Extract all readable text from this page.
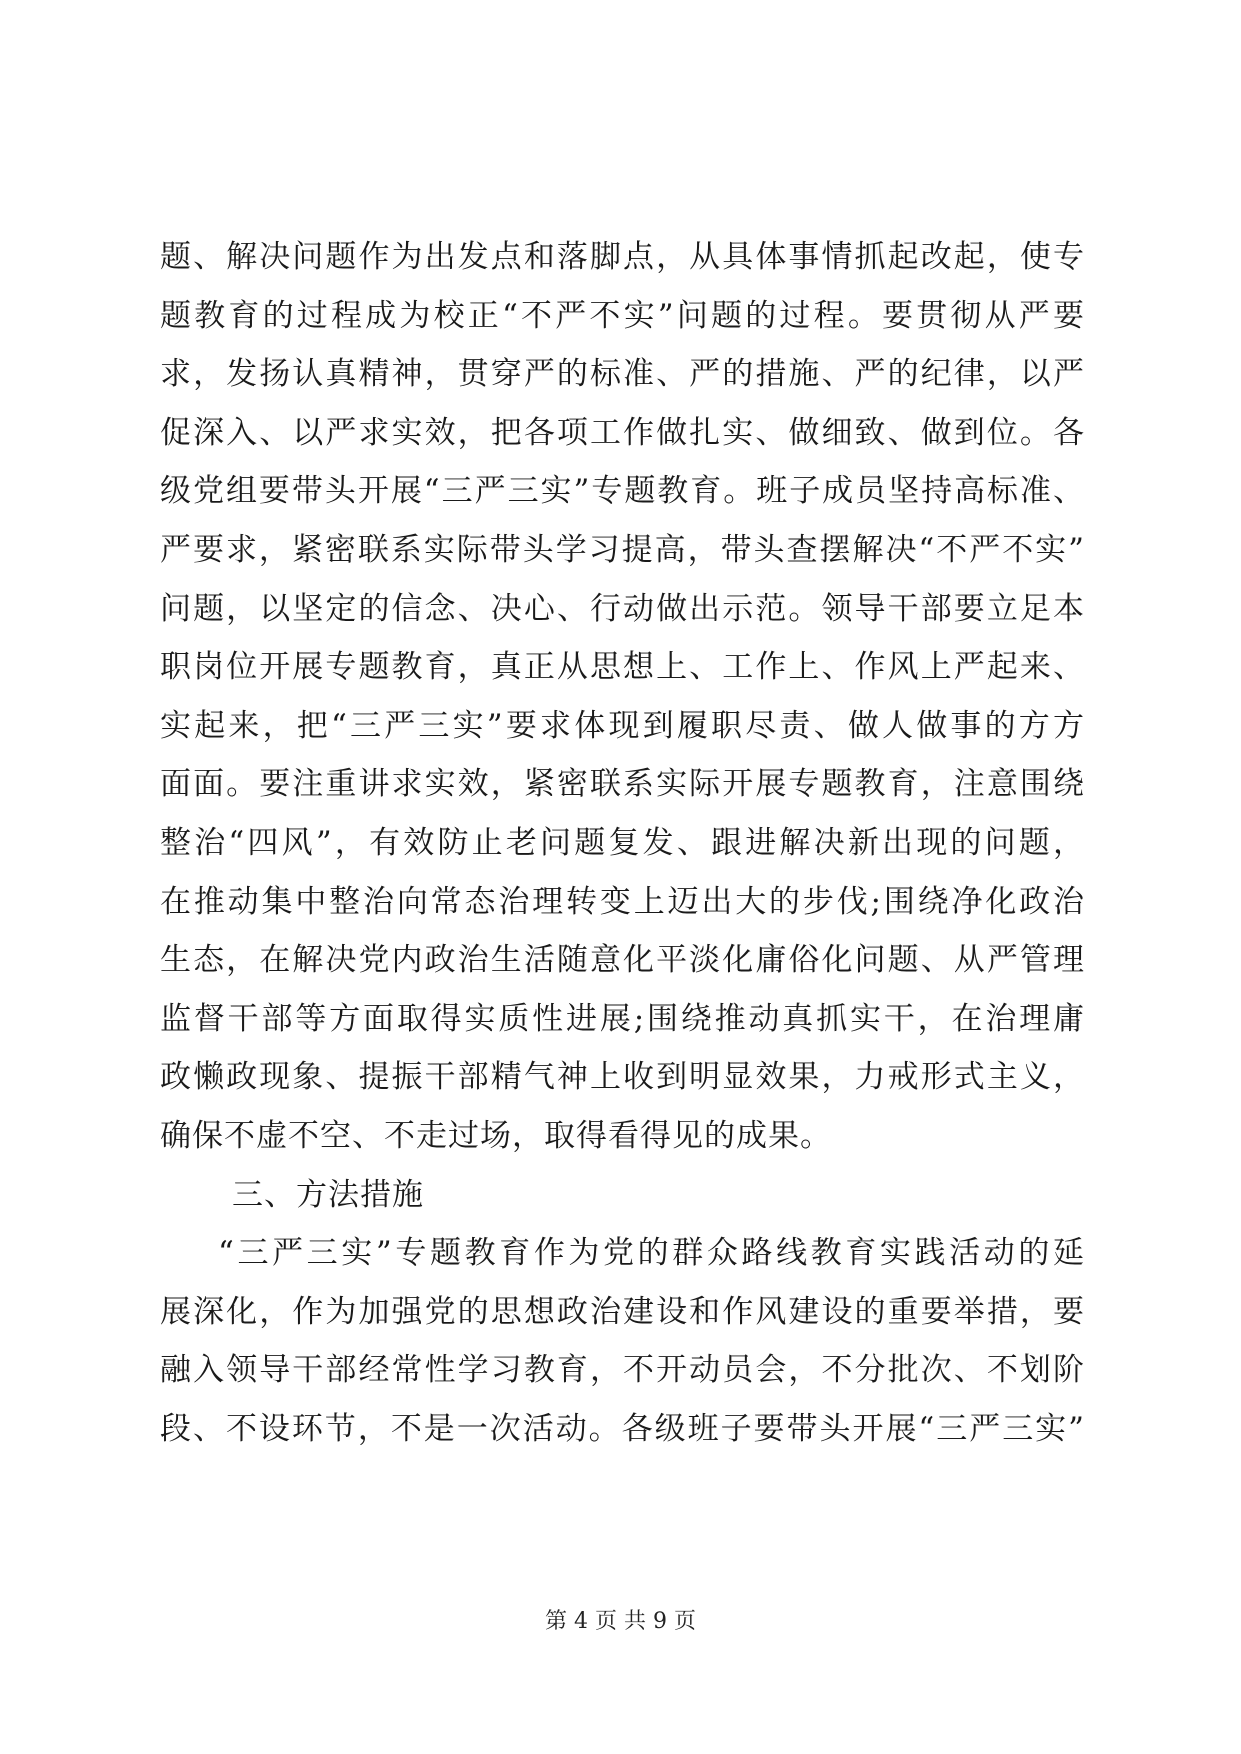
题、解决问题作为出发点和落脚点，从具体事情抓起改起，使专
题教育的过程成为校正“不严不实”问题的过程。要贯彻从严要
求，发扬认真精神，贯穿严的标准、严的措施、严的纪律，以严
促深入、以严求实效，把各项工作做扎实、做细致、做到位。各
级党组要带头开展“三严三实”专题教育。班子成员坚持高标准、
严要求，紧密联系实际带头学习提高，带头查摆解决“不严不实”
问题，以坚定的信念、决心、行动做出示范。领导干部要立足本
职岗位开展专题教育，真正从思想上、工作上、作风上严起来、
实起来，把“三严三实”要求体现到履职尽责、做人做事的方方
面面。要注重讲求实效，紧密联系实际开展专题教育，注意围绕
整治“四风”，有效防止老问题复发、跟进解决新出现的问题，
在推动集中整治向常态治理转变上迈出大的步伐;围绕净化政治
生态，在解决党内政治生活随意化平淡化庸俗化问题、从严管理
监督干部等方面取得实质性进展;围绕推动真抓实干，在治理庸
政懒政现象、提振干部精气神上收到明显效果，力戒形式主义，
确保不虚不空、不走过场，取得看得见的成果。
三、方法措施
“三严三实”专题教育作为党的群众路线教育实践活动的延
展深化，作为加强党的思想政治建设和作风建设的重要举措，要
融入领导干部经常性学习教育，不开动员会，不分批次、不划阶
段、不设环节，不是一次活动。各级班子要带头开展“三严三实”
第 4 页 共 9 页
